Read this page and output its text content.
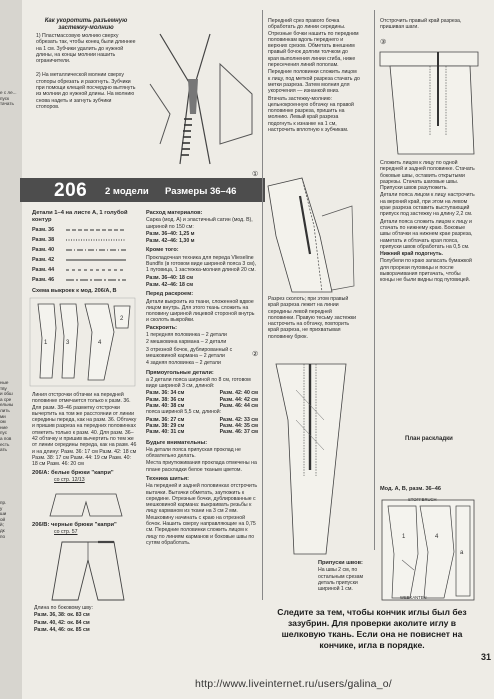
е с ле...
пуск
тачать
ные
тву
и обш
а сре
ельны
лить
ми
ом
ние
пус
а пов
есть
ать
пр.
у
ши
ой
й;
дк
по

Как укоротить разъемную застежку-молнию

1) Пластмассовую молнию сверху обрезать так, чтобы конец были длиннее на 1 см. Зубчики удалить до нужной длины, на концы молнии нашить ограничители.

2) На металлической молнии сверху стопоры обрезать и разогнуть. Зубчики при помощи клещей посчердно вытянуть из молнии до нужной длины. На молнию снова надеть и загнуть зубчики стопоров.

206 2 модели Размеры 36–46

Детали 1–4 на листе А, 1 голубой контур

Разм. 36
Разм. 38
Разм. 40
Разм. 42
Разм. 44
Разм. 46

Схема выкроек к мод. 206/А, В

1	3	4
2

Линия отстрочки обтачки на передней половинке отмечается только к разм. 36. Для разм. 38–46 разметку отстрочки вычертить на том же расстоянии от линии середины переда, как на разм. 36. Обтачку и пришив разреза на передних половинках отметить только к разм. 40. Для разм. 36–42 обтачку и пришив вычертить по тем же от линии середины переда, как на разм. 46 и на длину: Разм. 36: 17 см Разм. 42: 18 см Разм. 38: 17 см Разм. 44: 19 см Разм. 40: 18 см Разм. 46: 20 см

206/А: белые брюки "капри"

со стр. 12/13

206/В: черные брюки "капри"

со стр. 57

Длина по боковому шву:

Разм. 36, 38: ок. 83 см

Разм. 40, 42: ок. 84 см

Разм. 44, 46: ок. 85 см

Расход материалов:

Сарка (мод. А) и эластичный сатин (мод. В), шириной по 150 см:

Разм. 36–40: 1,25 м

Разм. 42–46: 1,30 м

Кроме того:

Прокладочная техника для переда Vlieseline Bundfix (в готовом виде шириной пояса 3 см), 1 пуговица, 1 застежка-молния длиной 20 см.

Разм. 36–40: 18 см

Разм. 42–46: 18 см

Перед раскроем:

Детали выкроить из ткани, сложенной вдвое лицом внутрь. Для этого ткань сложить на половину шириной лицевой стороной внутрь и сколоть выкройки.

Раскроить:

1 передняя половинка – 2 детали

2 мешковина кармана – 2 детали

3 отрезной бочок, дублированный с мешковиной кармана – 2 детали

4 задняя половинка – 2 детали

Прямоугольные детали:

а 2 детали пояса шириной по 8 см, готовом виде шириной 3 см, длиной:

Разм. 36: 34 см	Разм. 42: 40 см
Разм. 38: 36 см	Разм. 44: 42 см
Разм. 40: 38 см	Разм. 46: 44 см

пояса шириной 5,5 см, длиной:

Разм. 36: 27 см	Разм. 42: 33 см
Разм. 38: 29 см	Разм. 44: 35 см
Разм. 40: 31 см	Разм. 46: 37 см

Будьте внимательны:

На детали пояса припуская проклад не обязательно делать.

Места приутюживания проклада отмечены на плане раскладки белое тканым цветом.

Техника шитья:

На передней и задней половинках отстрочить вытачки. Вытачки обметать, заутюжить к середине. Отрезные бочки, дублированные с мешковиной кармана: выкраивать резьбы к лицу карманом из ткани на 3 см 2 мм. Мешковину начинать с краю на отрезной бочок. Нашить сверху направляющие на 0,75 см. Передние половинки сложить лицом к лицу по линиям карманов и боковые швы по сутям обработать.

Передний срез правого бочка обработать до линии середины. Отрезные бочки нашить по передним половинкам вдоль переднего и верхних срезов. Обметать внешним правый бочок долгим толчком до края выполнения линии сгиба, ниже пересечения линий пополам.

Передние половинки сложить лицом к лицу, под меткой разреза стачать до метки разреза. Затем молния для укорочения — изнанкой вниз.

Втачать застежку-молнию: цельнокроенную обтачку на правой половинке разреза, пришить на молнию. Левый край разреза подогнуть к изнанке на 1 см, настрочить вплотную к зубчикам.

①

Разрез сколоть; при этом правый край разреза лежит на линии середины левой передней половинки. Правую тесьму застежки настрочить на обтачку, повторить край разреза, не прихватывая половинку брюк.

②

Отстрочить правый край разреза, пришивая шаги.

③

Сложить лицом к лицу по одной передней и задней половинке. Стачать боковые швы, оставить открытыми разрезы. Стачать шаговые швы. Припуски швов разутюжить.

Детали пояса лицом к лицу настрочить на верхний край, при этом на левом крае разреза оставить выступающий припуск под застежку на длину 2,2 см.

Детали пояса сложить лицом к лицу и стачать по нижнему краю. Боковые швы обтачки на нижнем крае разреза, наметать и обтачать края пояса, припуски швов обработать на 0,5 см.

Нижний край подогнуть.

Полубели по краю запасать бумажкой для прорези пуговицы и после выворачивания притачать, чтобы концы не были видны под пуговицей.

План раскладки
Мод. А, В, разм. 36–46
1	4
а
STOFFBRUCH
WEBKANTEN

Припуски швов:

На швы 2 см, по остальным срезам деталь припуски шириной 1 см.

Следите за тем, чтобы кончик иглы был без зазубрин. Для проверки аколите иглу в шелковую ткань. Если она не повиснет на кончике, игла в порядке.
31
http://www.liveinternet.ru/users/galina_o/
